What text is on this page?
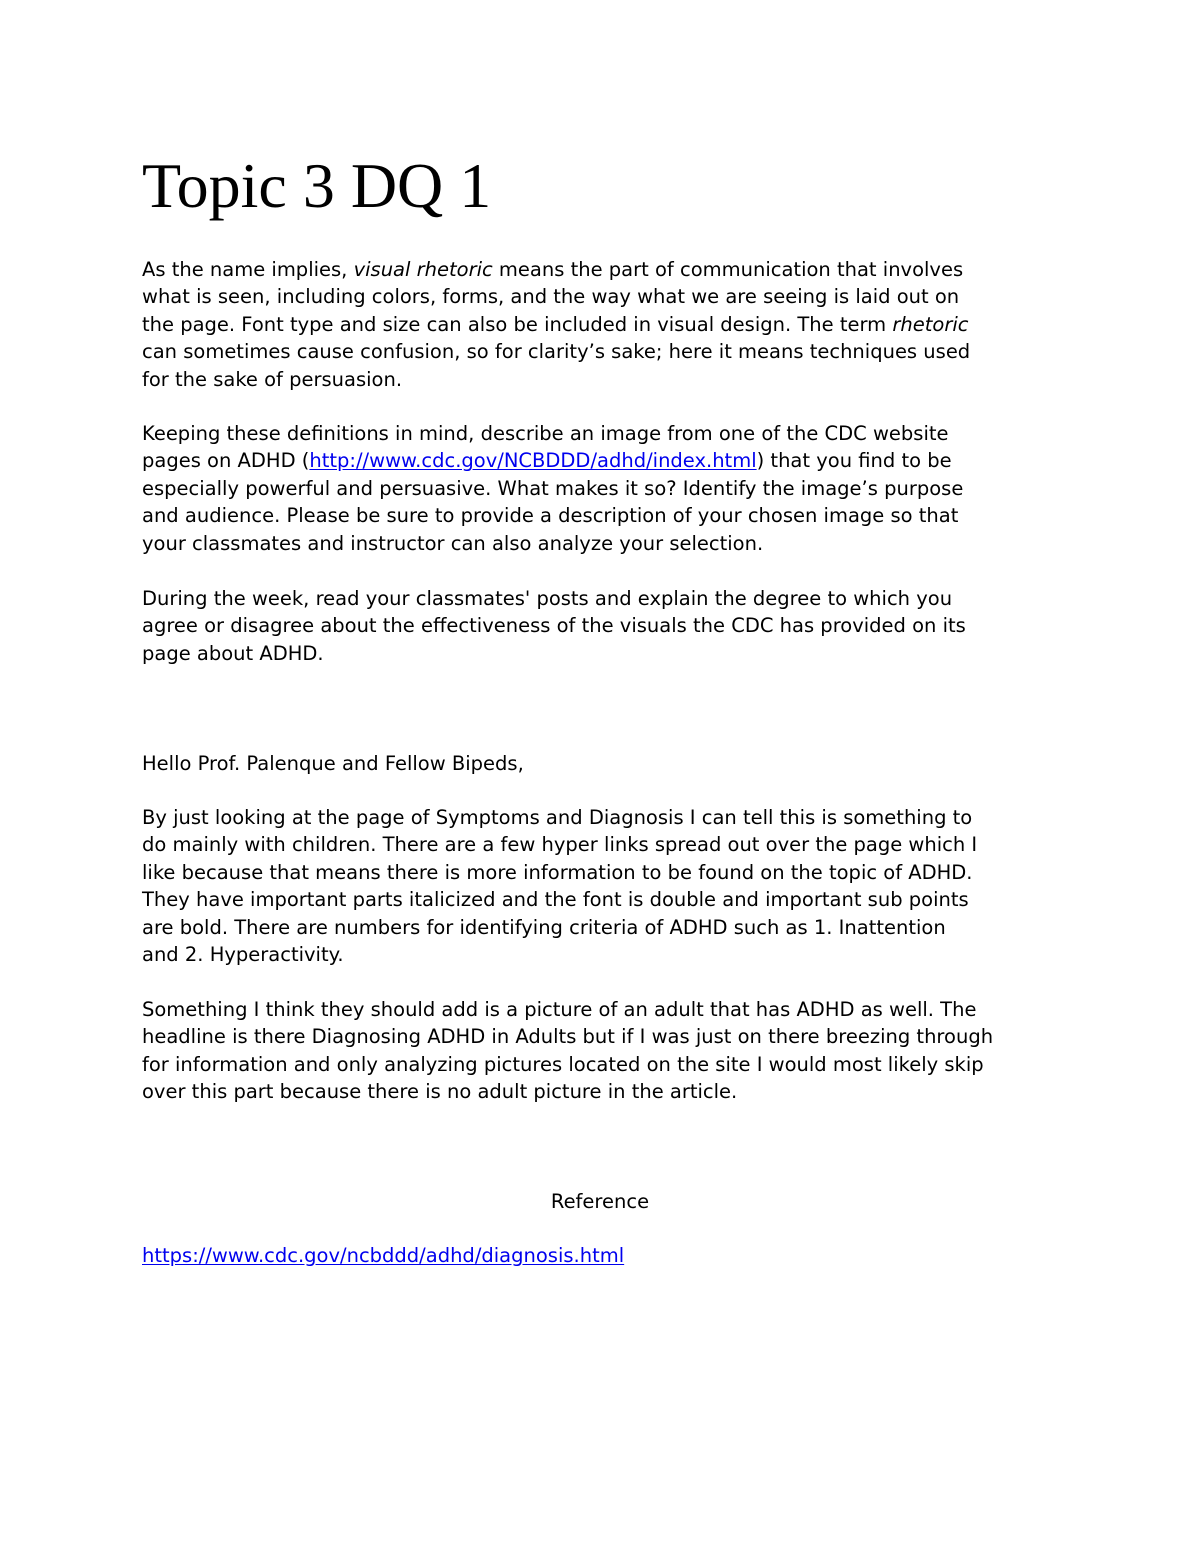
Topic 3 DQ 1
As the name implies, visual rhetoric means the part of communication that involves
what is seen, including colors, forms, and the way what we are seeing is laid out on
the page. Font type and size can also be included in visual design. The term rhetoric
can sometimes cause confusion, so for clarity’s sake; here it means techniques used
for the sake of persuasion.
Keeping these definitions in mind, describe an image from one of the CDC website
pages on ADHD (http://www.cdc.gov/NCBDDD/adhd/index.html) that you find to be
especially powerful and persuasive. What makes it so? Identify the image’s purpose
and audience. Please be sure to provide a description of your chosen image so that
your classmates and instructor can also analyze your selection.
During the week, read your classmates' posts and explain the degree to which you
agree or disagree about the effectiveness of the visuals the CDC has provided on its
page about ADHD.
Hello Prof. Palenque and Fellow Bipeds,
By just looking at the page of Symptoms and Diagnosis I can tell this is something to
do mainly with children. There are a few hyper links spread out over the page which I
like because that means there is more information to be found on the topic of ADHD.
They have important parts italicized and the font is double and important sub points
are bold. There are numbers for identifying criteria of ADHD such as 1. Inattention
and 2. Hyperactivity.
Something I think they should add is a picture of an adult that has ADHD as well. The
headline is there Diagnosing ADHD in Adults but if I was just on there breezing through
for information and only analyzing pictures located on the site I would most likely skip
over this part because there is no adult picture in the article.

Reference

https://www.cdc.gov/ncbddd/adhd/diagnosis.html
